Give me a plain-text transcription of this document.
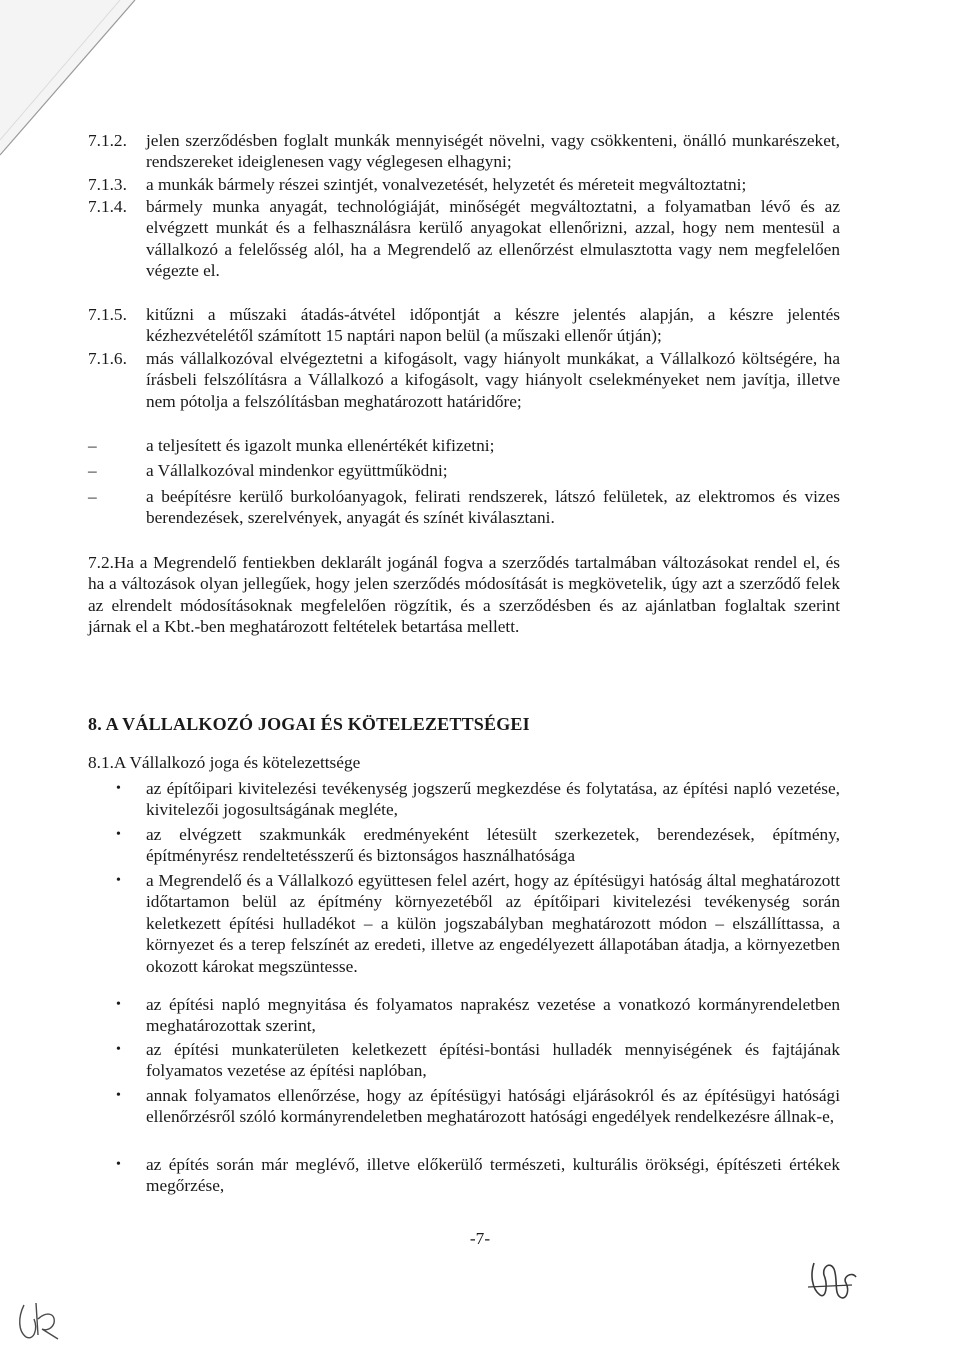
7.1.2.	jelen szerződésben foglalt munkák mennyiségét növelni, vagy csökkenteni, önálló munkarészeket, rendszereket ideiglenesen vagy véglegesen elhagyni;
7.1.3.	a munkák bármely részei szintjét, vonalvezetését, helyzetét és méreteit megváltoztatni;
7.1.4.	bármely munka anyagát, technológiáját, minőségét megváltoztatni, a folyamatban lévő és az elvégzett munkát és a felhasználásra kerülő anyagokat ellenőrizni, azzal, hogy nem mentesül a vállalkozó a felelősség alól, ha a Megrendelő az ellenőrzést elmulasztotta vagy nem megfelelően végezte el.
7.1.5.	kitűzni a műszaki átadás-átvétel időpontját a készre jelentés alapján, a készre jelentés kézhezvételétől számított 15 naptári napon belül (a műszaki ellenőr útján);
7.1.6.	más vállalkozóval elvégeztetni a kifogásolt, vagy hiányolt munkákat, a Vállalkozó költségére, ha írásbeli felszólításra a Vállalkozó a kifogásolt, vagy hiányolt cselekményeket nem javítja, illetve nem pótolja a felszólításban meghatározott határidőre;
–	a teljesített és igazolt munka ellenértékét kifizetni;
–	a Vállalkozóval mindenkor együttműködni;
–	a beépítésre kerülő burkolóanyagok, felirati rendszerek, látszó felületek, az elektromos és vizes berendezések, szerelvények, anyagát és színét kiválasztani.
7.2.Ha a Megrendelő fentiekben deklarált jogánál fogva a szerződés tartalmában változásokat rendel el, és ha a változások olyan jellegűek, hogy jelen szerződés módosítását is megkövetelik, úgy azt a szerződő felek az elrendelt módosításoknak megfelelően rögzítik, és a szerződésben és az ajánlatban foglaltak szerint járnak el a Kbt.-ben meghatározott feltételek betartása mellett.
8. A VÁLLALKOZÓ JOGAI ÉS KÖTELEZETTSÉGEI
8.1.A Vállalkozó joga és kötelezettsége
•	az építőipari kivitelezési tevékenység jogszerű megkezdése és folytatása, az építési napló vezetése, kivitelezői jogosultságának megléte,
•	az elvégzett szakmunkák eredményeként létesült szerkezetek, berendezések, építmény, építményrész rendeltetésszerű és biztonságos használhatósága
•	a Megrendelő és a Vállalkozó együttesen felel azért, hogy az építésügyi hatóság által meghatározott időtartamon belül az építmény környezetéből az építőipari kivitelezési tevékenység során keletkezett építési hulladékot – a külön jogszabályban meghatározott módon – elszállíttassa, a környezet és a terep felszínét az eredeti, illetve az engedélyezett állapotában átadja, a környezetben okozott károkat megszüntesse.
•	az építési napló megnyitása és folyamatos naprakész vezetése a vonatkozó kormányrendeletben meghatározottak szerint,
•	az építési munkaterületen keletkezett építési-bontási hulladék mennyiségének és fajtájának folyamatos vezetése az építési naplóban,
•	annak folyamatos ellenőrzése, hogy az építésügyi hatósági eljárásokról és az építésügyi hatósági ellenőrzésről szóló kormányrendeletben meghatározott hatósági engedélyek rendelkezésre állnak-e,
•	az építés során már meglévő, illetve előkerülő természeti, kulturális örökségi, építészeti értékek megőrzése,
-7-
